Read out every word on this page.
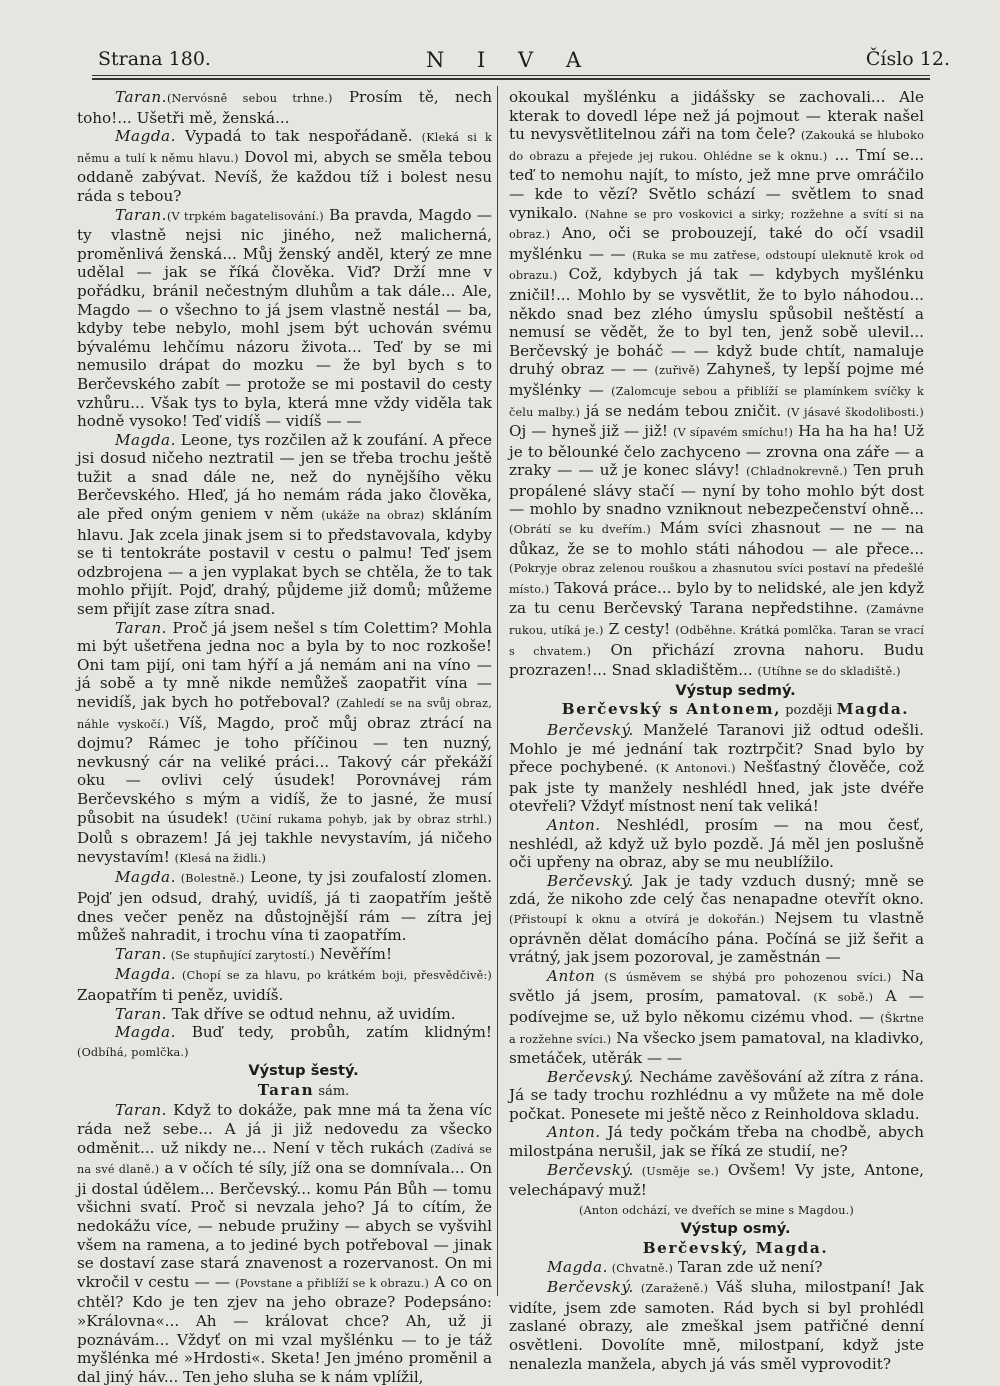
Strana 180.	N I V A	Číslo 12.

Taran.(Nervósně sebou trhne.) Prosím tě, nech toho!... Ušetři mě, ženská...

Magda. Vypadá to tak nespořádaně. (Kleká si k němu a tulí k němu hlavu.) Dovol mi, abych se směla tebou oddaně zabývat. Nevíš, že každou tíž i bolest nesu ráda s tebou?

Taran.(V trpkém bagatelisování.) Ba pravda, Magdo — ty vlastně nejsi nic jiného, než malicherná, proměnlivá ženská... Můj ženský anděl, který ze mne udělal — jak se říká člověka. Viď? Drží mne v pořádku, bránil nečestným dluhům a tak dále... Ale, Magdo — o všechno to já jsem vlastně nestál — ba, kdyby tebe nebylo, mohl jsem být uchován svému bývalému lehčímu názoru života... Teď by se mi nemusilo drápat do mozku — že byl bych s to Berčevského zabít — protože se mi postavil do cesty vzhůru... Však tys to byla, která mne vždy viděla tak hodně vysoko! Teď vidíš — vidíš — —

Magda. Leone, tys rozčilen až k zoufání. A přece jsi dosud ničeho neztratil — jen se třeba trochu ještě tužit a snad dále ne, než do nynějšího věku Berčevského. Hleď, já ho nemám ráda jako člověka, ale před oným geniem v něm (ukáže na obraz) skláním hlavu. Jak zcela jinak jsem si to představovala, kdyby se ti tentokráte postavil v cestu o palmu! Teď jsem odzbrojena — a jen vyplakat bych se chtěla, že to tak mohlo přijít. Pojď, drahý, půjdeme již domů; můžeme sem přijít zase zítra snad.

Taran. Proč já jsem nešel s tím Colettim? Mohla mi být ušetřena jedna noc a byla by to noc rozkoše! Oni tam pijí, oni tam hýří a já nemám ani na víno — já sobě a ty mně nikde nemůžeš zaopatřit vína — nevidíš, jak bych ho potřeboval? (Zahledí se na svůj obraz, náhle vyskočí.) Víš, Magdo, proč můj obraz ztrácí na dojmu? Rámec je toho příčinou — ten nuzný, nevkusný cár na veliké práci... Takový cár překáží oku — ovlivi celý úsudek! Porovnávej rám Berčevského s mým a vidíš, že to jasné, že musí působit na úsudek! (Učiní rukama pohyb, jak by obraz strhl.) Dolů s obrazem! Já jej takhle nevystavím, já ničeho nevystavím! (Klesá na židli.)

Magda. (Bolestně.) Leone, ty jsi zoufalostí zlomen. Pojď jen odsud, drahý, uvidíš, já ti zaopatřím ještě dnes večer peněz na důstojnější rám — zítra jej můžeš nahradit, i trochu vína ti zaopatřím.

Taran. (Se stupňující zarytostí.) Nevěřím!

Magda. (Chopí se za hlavu, po krátkém boji, přesvědčivě:) Zaopatřím ti peněz, uvidíš.

Taran. Tak dříve se odtud nehnu, až uvidím.

Magda. Buď tedy, probůh, zatím klidným! (Odbíhá, pomlčka.)

Výstup šestý.

Taran sám.

Taran. Když to dokáže, pak mne má ta žena víc ráda než sebe... A já ji již nedovedu za všecko odměnit... už nikdy ne... Není v těch rukách (Zadívá se na své dlaně.) a v očích té síly, jíž ona se domnívala... On ji dostal údělem... Berčevský... komu Pán Bůh — tomu všichni svatí. Proč si nevzala jeho? Já to cítím, že nedokážu více, — nebude pružiny — abych se vyšvihl všem na ramena, a to jediné bych potřeboval — jinak se dostaví zase stará znavenost a rozervanost. On mi vkročil v cestu — — (Povstane a přiblíží se k obrazu.) A co on chtěl? Kdo je ten zjev na jeho obraze? Podepsáno: »Královna«... Ah — královat chce? Ah, už ji poznávám... Vždyť on mi vzal myšlénku — to je táž myšlénka mé »Hrdosti«. Sketa! Jen jméno proměnil a dal jiný háv... Ten jeho sluha se k nám vplížil,

okoukal myšlénku a jidášsky se zachovali... Ale kterak to dovedl lépe než já pojmout — kterak našel tu nevysvětlitelnou záři na tom čele? (Zakouká se hluboko do obrazu a přejede jej rukou. Ohlédne se k oknu.) ... Tmí se... teď to nemohu najít, to místo, jež mne prve omráčilo — kde to vězí? Světlo schází — světlem to snad vynikalo. (Nahne se pro voskovici a sirky; rozžehne a svítí si na obraz.) Ano, oči se probouzejí, také do očí vsadil myšlénku — — (Ruka se mu zatřese, odstoupí uleknutě krok od obrazu.) Což, kdybych já tak — kdybych myšlénku zničil!... Mohlo by se vysvětlit, že to bylo náhodou... někdo snad bez zlého úmyslu spůsobil neštěstí a nemusí se vědět, že to byl ten, jenž sobě ulevil... Berčevský je boháč — — když bude chtít, namaluje druhý obraz — — (zuřivě) Zahyneš, ty lepší pojme mé myšlénky — (Zalomcuje sebou a přiblíží se plamínkem svíčky k čelu malby.) já se nedám tebou zničit. (V jásavé škodolibosti.) Oj — hyneš již — již! (V sípavém smíchu!) Ha ha ha ha! Už je to bělounké čelo zachyceno — zrovna ona záře — a zraky — — už je konec slávy! (Chladnokrevně.) Ten pruh propálené slávy stačí — nyní by toho mohlo být dost — mohlo by snadno vzniknout nebezpečenství ohně... (Obrátí se ku dveřím.) Mám svíci zhasnout — ne — na důkaz, že se to mohlo státi náhodou — ale přece... (Pokryje obraz zelenou rouškou a zhasnutou svíci postaví na předešlé místo.) Taková práce... bylo by to nelidské, ale jen když za tu cenu Berčevský Tarana nepředstihne. (Zamávne rukou, utíká je.) Z cesty! (Odběhne. Krátká pomlčka. Taran se vrací s chvatem.) On přichází zrovna nahoru. Budu prozrazen!... Snad skladištěm... (Utíhne se do skladiště.)

Výstup sedmý.

Berčevský s Antonem, později Magda.

Berčevský. Manželé Taranovi již odtud odešli. Mohlo je mé jednání tak roztrpčit? Snad bylo by přece pochybené. (K Antonovi.) Nešťastný člověče, což pak jste ty manžely neshlédl hned, jak jste dvéře otevřeli? Vždyť místnost není tak veliká!

Anton. Neshlédl, prosím — na mou česť, neshlédl, až když už bylo pozdě. Já měl jen poslušně oči upřeny na obraz, aby se mu neublížilo.

Berčevský. Jak je tady vzduch dusný; mně se zdá, že nikoho zde celý čas nenapadne otevřít okno. (Přistoupí k oknu a otvírá je dokořán.) Nejsem tu vlastně oprávněn dělat domácího pána. Počíná se již šeřit a vrátný, jak jsem pozoroval, je zaměstnán —

Anton (S úsměvem se shýbá pro pohozenou svíci.) Na světlo já jsem, prosím, pamatoval. (K sobě.) A — podívejme se, už bylo někomu cizému vhod. — (Škrtne a rozžehne svíci.) Na všecko jsem pamatoval, na kladivko, smetáček, utěrák — —

Berčevský. Necháme zavěšování až zítra z rána. Já se tady trochu rozhlédnu a vy můžete na mě dole počkat. Ponesete mi ještě něco z Reinholdova skladu.

Anton. Já tedy počkám třeba na chodbě, abych milostpána nerušil, jak se říká ze studií, ne?

Berčevský. (Usměje se.) Ovšem! Vy jste, Antone, velechápavý muž!

(Anton odchází, ve dveřích se mine s Magdou.)

Výstup osmý.

Berčevský, Magda.

Magda. (Chvatně.) Taran zde už není?

Berčevský. (Zaraženě.) Váš sluha, milostpaní! Jak vidíte, jsem zde samoten. Rád bych si byl prohlédl zaslané obrazy, ale zmeškal jsem patřičné denní osvětleni. Dovolíte mně, milostpaní, když jste nenalezla manžela, abych já vás směl vyprovodit?
